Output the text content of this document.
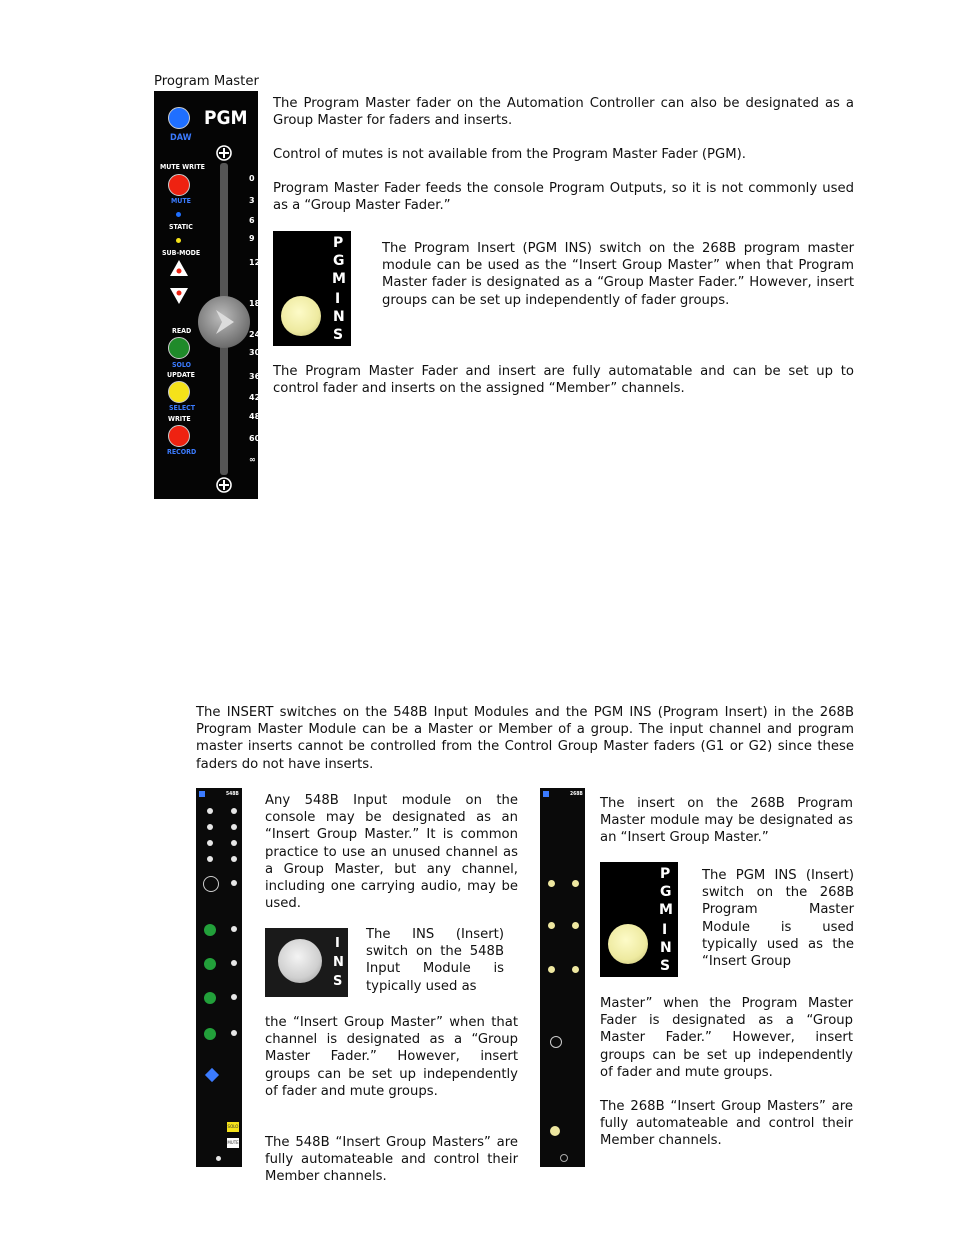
Program Master
DAW
PGM
MUTE WRITE
MUTE
STATIC
SUB-MODE
READ
SOLO
UPDATE
SELECT
WRITE
RECORD
0
3
6
9
12
18
24
30
36
42
48
60
∞

The Program Master fader on the Automation Controller can also be designated as a Group Master for faders and inserts.

Control of mutes is not available from the Program Master Fader (PGM).

Program Master Fader feeds the console Program Outputs, so it is not commonly used as a “Group Master Fader.”

P
G
M
I
N
S

The Program Insert (PGM INS) switch on the 268B program master module can be used as the “Insert Group Master” when that Program Master fader is designated as a “Group Master Fader.” However, insert groups can be set up independently of fader groups.

The Program Master Fader and insert are fully automatable and can be set up to control fader and inserts on the assigned “Member” channels.

The INSERT switches on the 548B Input Modules and the PGM INS (Program Insert) in the 268B Program Master Module can be a Master or Member of a group. The input channel and program master inserts cannot be controlled from the Control Group Master faders (G1 or G2) since these faders do not have inserts.

548B
SOLO
MUTE

Any 548B Input module on the console may be designated as an “Insert Group Master.” It is common practice to use an unused channel as a Group Master, but any channel, including one carrying audio, may be used.

I
N
S

The INS (Insert) switch on the 548B Input Module is typically used as

the “Insert Group Master” when that channel is designated as a “Group Master Fader.” However, insert groups can be set up independently of fader and mute groups.

The 548B “Insert Group Masters” are fully automateable and control their Member channels.

268B

The insert on the 268B Program Master module may be designated as an “Insert Group Master.”

P
G
M
I
N
S

The PGM INS (Insert) switch on the 268B Program Master Module is used typically used as the “Insert Group

Master” when the Program Master Fader is designated as a “Group Master Fader.” However, insert groups can be set up independently of fader and mute groups.

The 268B “Insert Group Masters” are fully automateable and control their Member channels.
